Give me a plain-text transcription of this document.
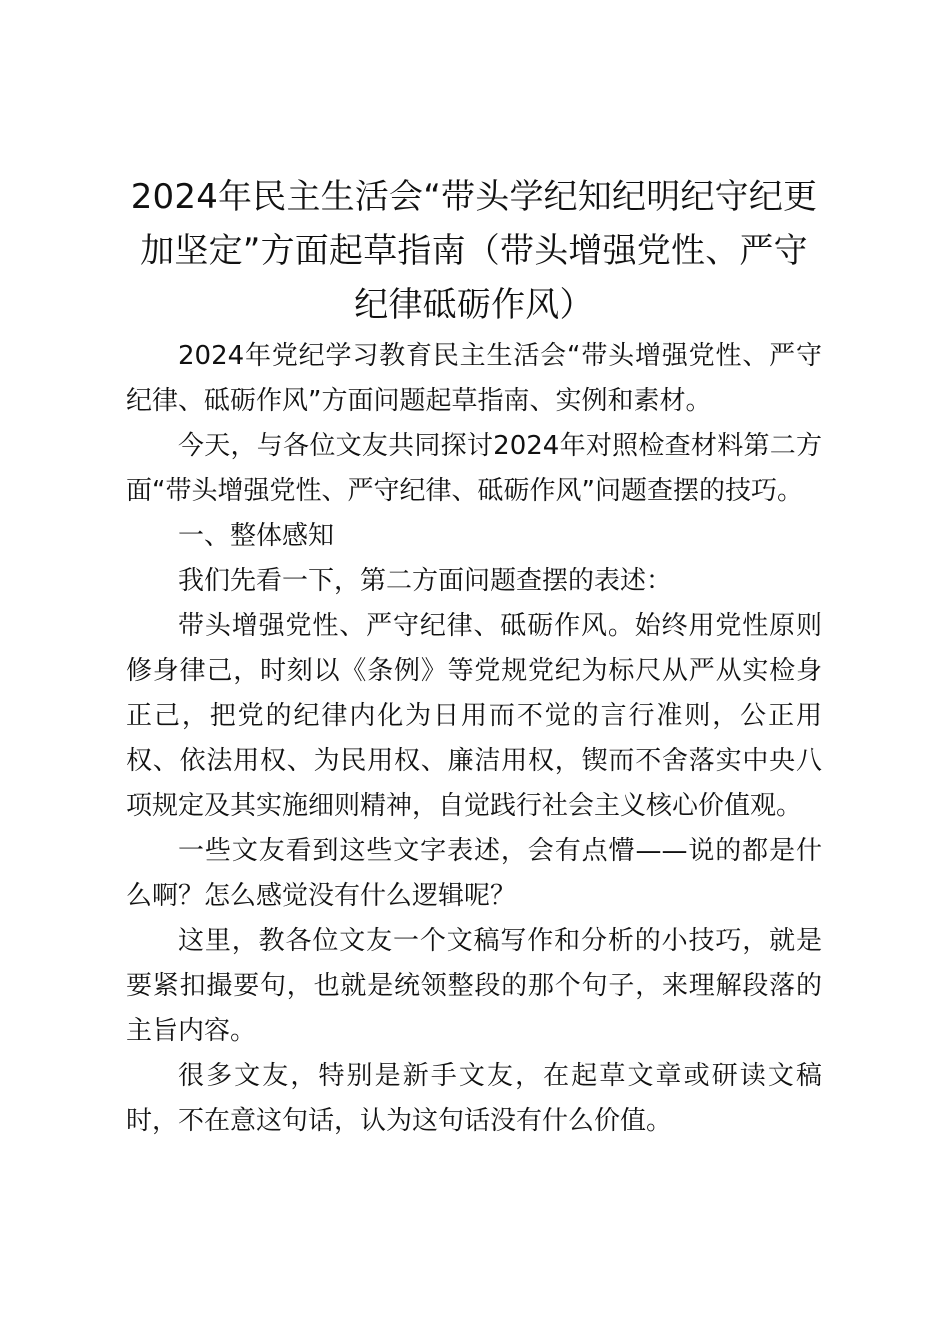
2024年民主生活会“带头学纪知纪明纪守纪更加坚定”方面起草指南（带头增强党性、严守纪律砥砺作风）

2024年党纪学习教育民主生活会“带头增强党性、严守纪律、砥砺作风”方面问题起草指南、实例和素材。

今天，与各位文友共同探讨2024年对照检查材料第二方面“带头增强党性、严守纪律、砥砺作风”问题查摆的技巧。

一、整体感知

我们先看一下，第二方面问题查摆的表述：

带头增强党性、严守纪律、砥砺作风。始终用党性原则修身律己，时刻以《条例》等党规党纪为标尺从严从实检身正己，把党的纪律内化为日用而不觉的言行准则，公正用权、依法用权、为民用权、廉洁用权，锲而不舍落实中央八项规定及其实施细则精神，自觉践行社会主义核心价值观。

一些文友看到这些文字表述，会有点懵——说的都是什么啊？怎么感觉没有什么逻辑呢？

这里，教各位文友一个文稿写作和分析的小技巧，就是要紧扣撮要句，也就是统领整段的那个句子，来理解段落的主旨内容。

很多文友，特别是新手文友，在起草文章或研读文稿时，不在意这句话，认为这句话没有什么价值。
